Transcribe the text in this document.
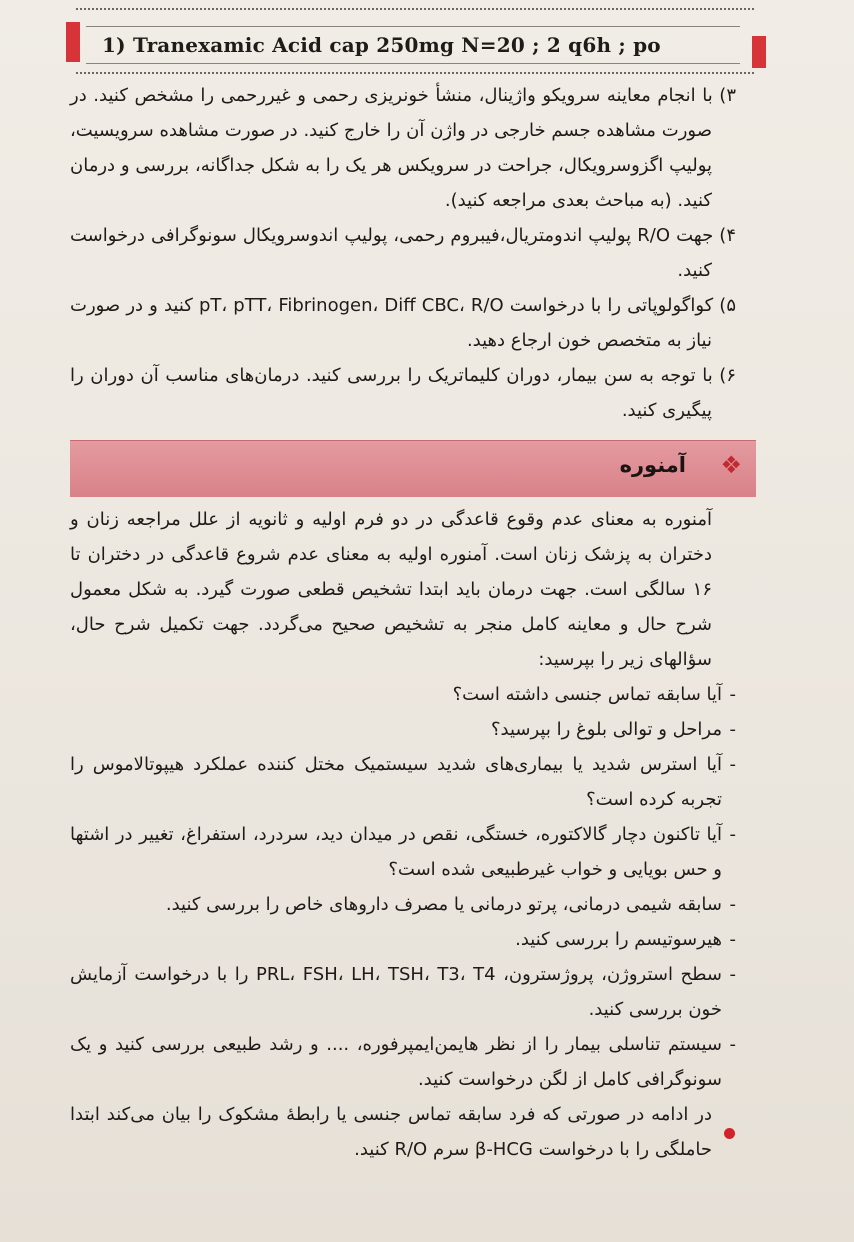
1) Tranexamic Acid cap 250mg N=20 ; 2 q6h ; po

۳) با انجام معاینه سرویکو واژینال، منشأ خونریزی رحمی و غیررحمی را مشخص کنید. در صورت مشاهده جسم خارجی در واژن آن را خارج کنید. در صورت مشاهده سرویسیت، پولیپ اگزوسرویکال، جراحت در سرویکس هر یک را به شکل جداگانه، بررسی و درمان کنید. (به مباحث بعدی مراجعه کنید).

۴) جهت R/O پولیپ اندومتریال،فیبروم رحمی، پولیپ اندوسرویکال سونوگرافی درخواست کنید.

۵) کواگولوپاتی را با درخواست pT، pTT، Fibrinogen، Diff CBC، R/O کنید و در صورت نیاز به متخصص خون ارجاع دهید.

۶) با توجه به سن بیمار، دوران کلیماتریک را بررسی کنید. درمان‌های مناسب آن دوران را پیگیری کنید.

❖
آمنوره

آمنوره به معنای عدم وقوع قاعدگی در دو فرم اولیه و ثانویه از علل مراجعه زنان و دختران به پزشک زنان است. آمنوره اولیه به معنای عدم شروع قاعدگی در دختران تا ۱۶ سالگی است. جهت درمان باید ابتدا تشخیص قطعی صورت گیرد. به شکل معمول شرح حال و معاینه کامل منجر به تشخیص صحیح می‌گردد. جهت تکمیل شرح حال، سؤالهای زیر را بپرسید:

-آیا سابقه تماس جنسی داشته است؟

-مراحل و توالی بلوغ را بپرسید؟

-آیا استرس شدید یا بیماری‌های شدید سیستمیک مختل کننده عملکرد هیپوتالاموس را تجربه کرده است؟

-آیا تاکنون دچار گالاکتوره، خستگی، نقص در میدان دید، سردرد، استفراغ، تغییر در اشتها و حس بویایی و خواب غیرطبیعی شده است؟

-سابقه شیمی درمانی، پرتو درمانی یا مصرف داروهای خاص را بررسی کنید.

-هیرسوتیسم را بررسی کنید.

-سطح استروژن، پروژسترون، PRL، FSH، LH، TSH، T3، T4 را با درخواست آزمایش خون بررسی کنید.

-سیستم تناسلی بیمار را از نظر هایمن‌ایمپرفوره، .... و رشد طبیعی بررسی کنید و یک سونوگرافی کامل از لگن درخواست کنید.

در ادامه در صورتی که فرد سابقه تماس جنسی یا رابطهٔ مشکوک را بیان می‌کند ابتدا حاملگی را با درخواست β-HCG سرم R/O کنید.
